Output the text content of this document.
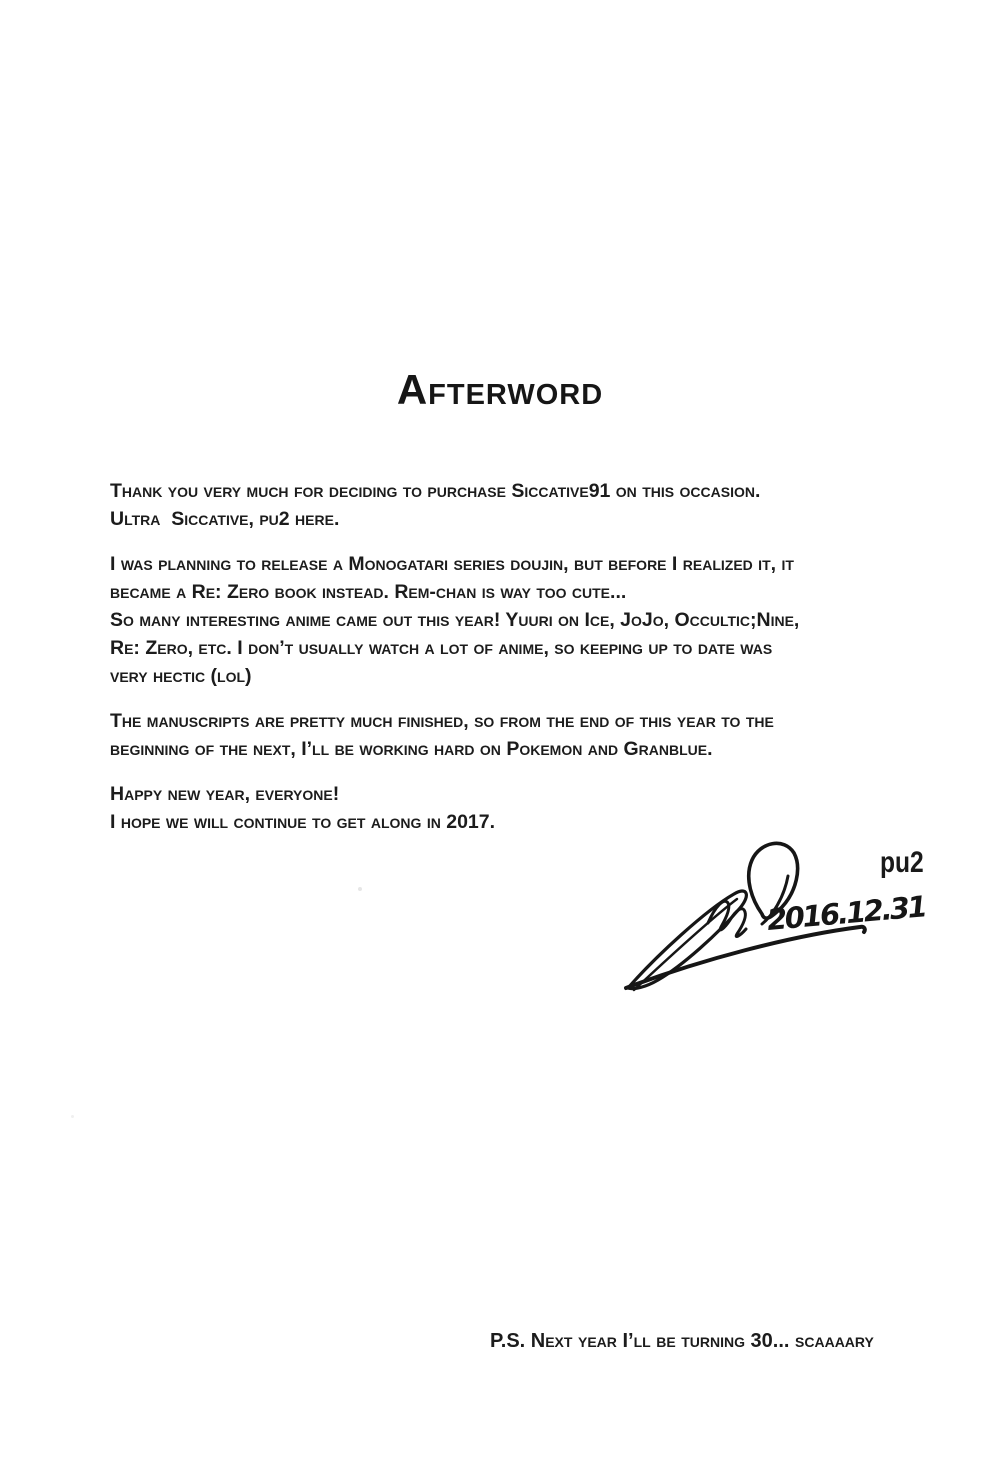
Afterword

Thank you very much for deciding to purchase Siccative91 on this occasion.
Ultra  Siccative, pu2 here.

I was planning to release a Monogatari series doujin, but before I realized it, it
became a Re: Zero book instead. Rem-chan is way too cute...
So many interesting anime came out this year! Yuuri on Ice, JoJo, Occultic;Nine,
Re: Zero, etc. I don’t usually watch a lot of anime, so keeping up to date was
very hectic (lol)

The manuscripts are pretty much finished, so from the end of this year to the
beginning of the next, I’ll be working hard on Pokemon and Granblue.

Happy new year, everyone!
I hope we will continue to get along in 2017.

2016.12.31
pu2
P.S. Next year I’ll be turning 30... scaaaary
